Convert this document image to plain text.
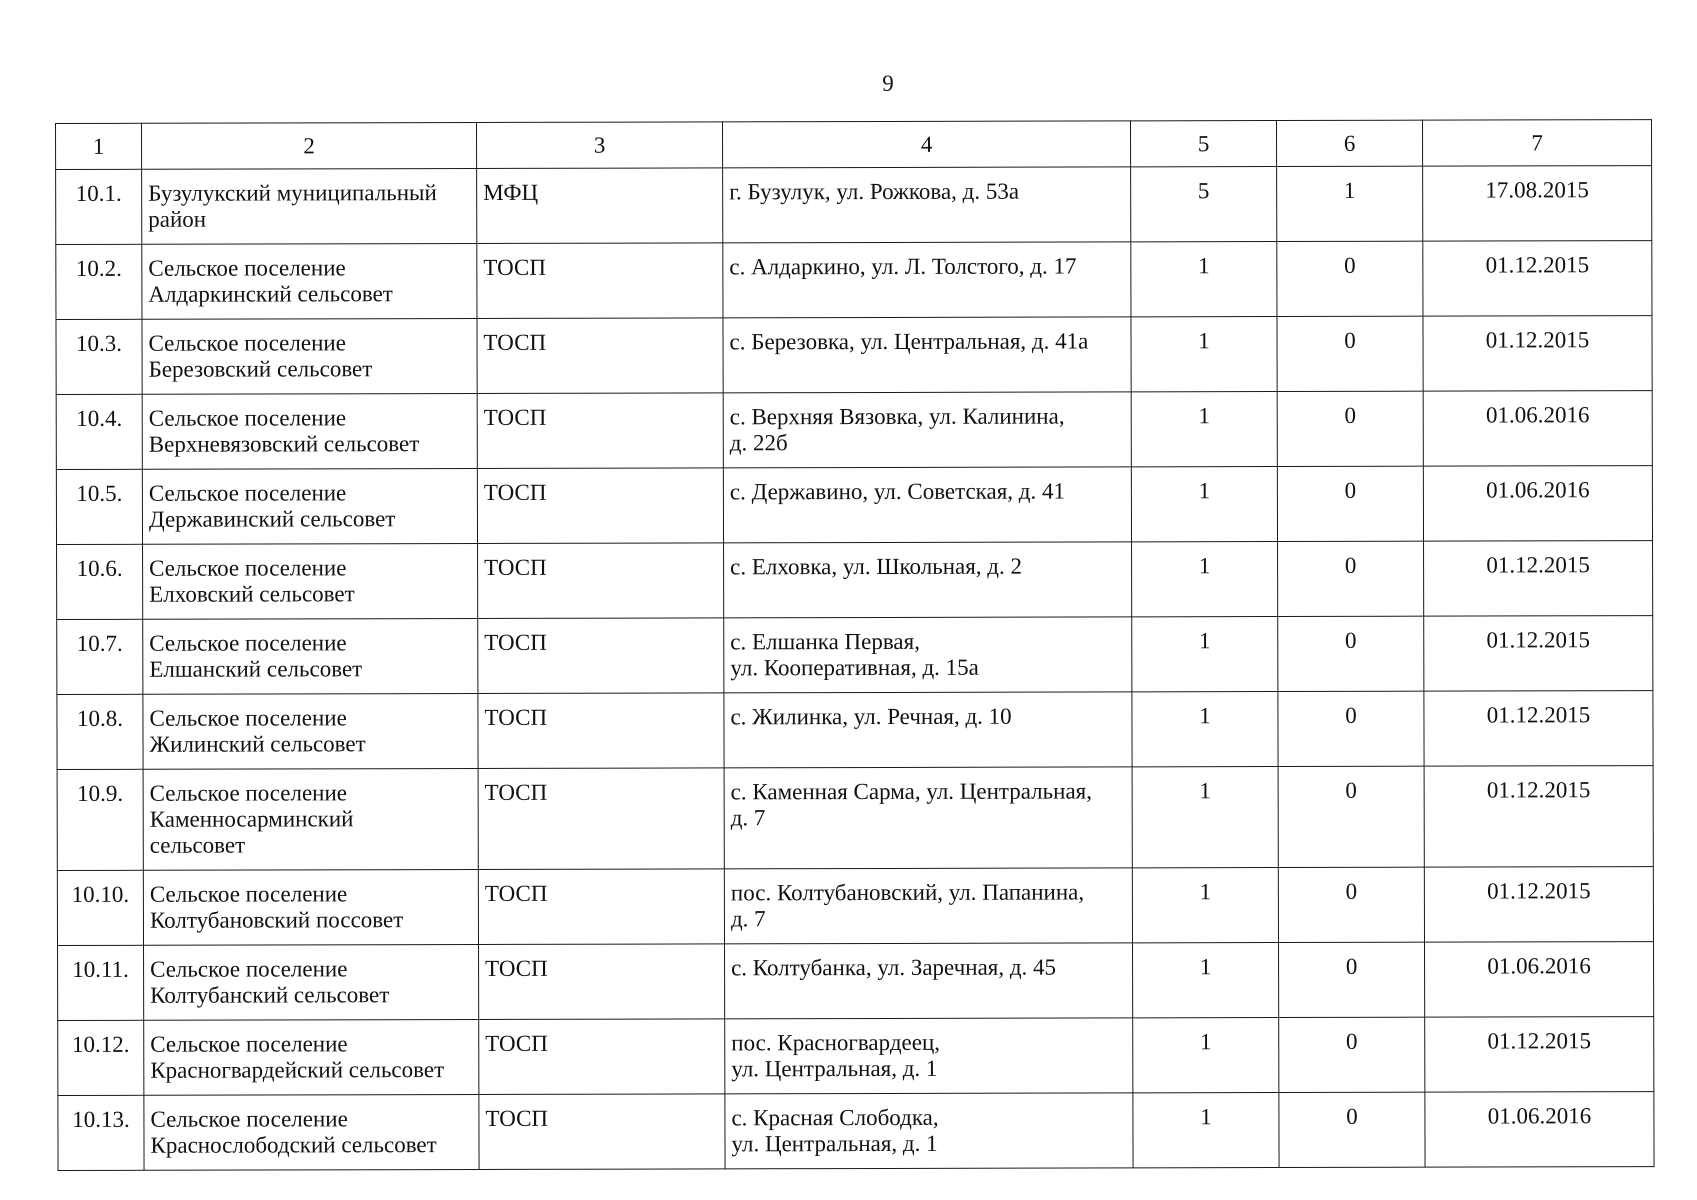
9
1	2	3	4	5	6	7
10.1.	Бузулукский муниципальный
район	МФЦ	г. Бузулук, ул. Рожкова, д. 53а	5	1	17.08.2015
10.2.	Сельское поселение
Алдаркинский сельсовет	ТОСП	с. Алдаркино, ул. Л. Толстого, д. 17	1	0	01.12.2015
10.3.	Сельское поселение
Березовский сельсовет	ТОСП	с. Березовка, ул. Центральная, д. 41а	1	0	01.12.2015
10.4.	Сельское поселение
Верхневязовский сельсовет	ТОСП	с. Верхняя Вязовка, ул. Калинина,
д. 22б	1	0	01.06.2016
10.5.	Сельское поселение
Державинский сельсовет	ТОСП	с. Державино, ул. Советская, д. 41	1	0	01.06.2016
10.6.	Сельское поселение
Елховский сельсовет	ТОСП	с. Елховка, ул. Школьная, д. 2	1	0	01.12.2015
10.7.	Сельское поселение
Елшанский сельсовет	ТОСП	с. Елшанка Первая,
ул. Кооперативная, д. 15а	1	0	01.12.2015
10.8.	Сельское поселение
Жилинский сельсовет	ТОСП	с. Жилинка, ул. Речная, д. 10	1	0	01.12.2015
10.9.	Сельское поселение
Каменносарминский
сельсовет	ТОСП	с. Каменная Сарма, ул. Центральная,
д. 7	1	0	01.12.2015
10.10.	Сельское поселение
Колтубановский поссовет	ТОСП	пос. Колтубановский, ул. Папанина,
д. 7	1	0	01.12.2015
10.11.	Сельское поселение
Колтубанский сельсовет	ТОСП	с. Колтубанка, ул. Заречная, д. 45	1	0	01.06.2016
10.12.	Сельское поселение
Красногвардейский сельсовет	ТОСП	пос. Красногвардеец,
ул. Центральная, д. 1	1	0	01.12.2015
10.13.	Сельское поселение
Краснослободский сельсовет	ТОСП	с. Красная Слободка,
ул. Центральная, д. 1	1	0	01.06.2016
